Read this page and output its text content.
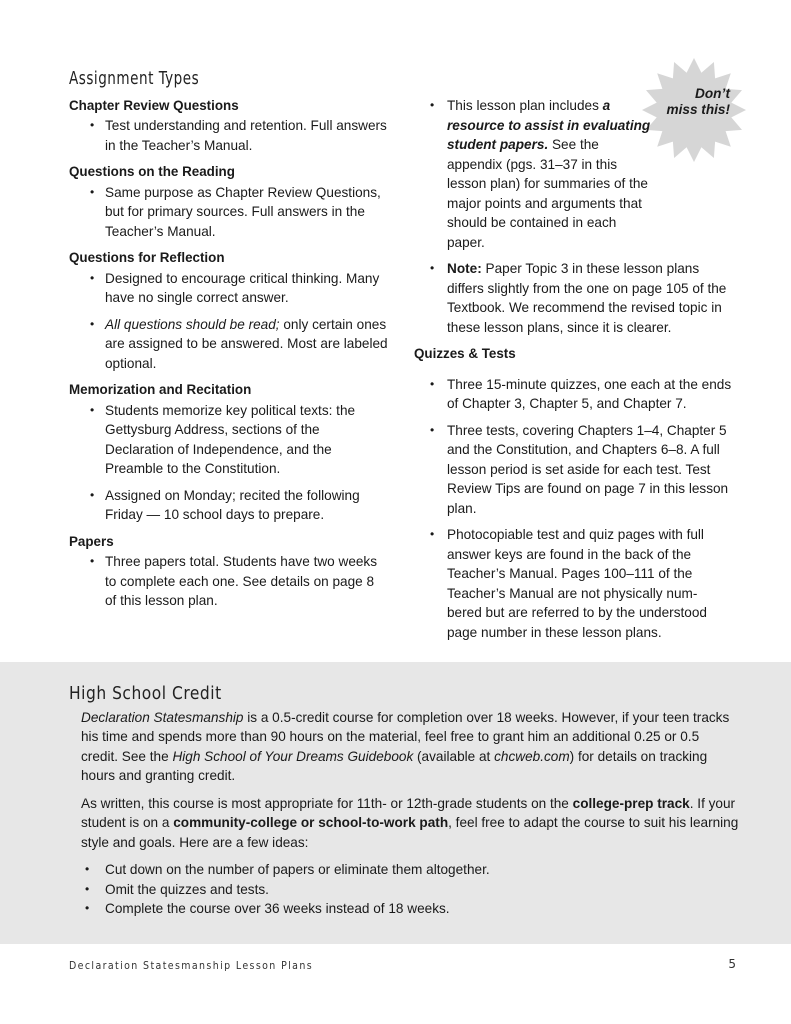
Assignment Types
Chapter Review Questions
• Test understanding and retention. Full answers in the Teacher’s Manual.
Questions on the Reading
• Same purpose as Chapter Review Questions, but for primary sources. Full answers in the Teacher’s Manual.
Questions for Reflection
• Designed to encourage critical thinking. Many have no single correct answer.
• All questions should be read; only certain ones are assigned to be answered. Most are labeled optional.
Memorization and Recitation
• Students memorize key political texts: the Gettysburg Address, sections of the Declaration of Independence, and the Preamble to the Constitution.
• Assigned on Monday; recited the following Friday — 10 school days to prepare.
Papers
• Three papers total. Students have two weeks to complete each one. See details on page 8 of this lesson plan.
Don’t
miss this!
• This lesson plan includes a resource to assist in evaluating student papers. See the appendix (pgs. 31–37 in this lesson plan) for summaries of the major points and arguments that should be contained in each paper.
• Note: Paper Topic 3 in these lesson plans differs slightly from the one on page 105 of the Textbook. We recommend the revised topic in these lesson plans, since it is clearer.
Quizzes & Tests
• Three 15-minute quizzes, one each at the ends of Chapter 3, Chapter 5, and Chapter 7.
• Three tests, covering Chapters 1–4, Chapter 5 and the Constitution, and Chapters 6–8. A full lesson period is set aside for each test. Test Review Tips are found on page 7 in this lesson plan.
• Photocopiable test and quiz pages with full answer keys are found in the back of the Teacher’s Manual. Pages 100–111 of the Teacher’s Manual are not physically num-bered but are referred to by the understood page number in these lesson plans.
High School Credit

Declaration Statesmanship is a 0.5-credit course for completion over 18 weeks. However, if your teen tracks his time and spends more than 90 hours on the material, feel free to grant him an additional 0.25 or 0.5 credit. See the High School of Your Dreams Guidebook (available at chcweb.com) for details on tracking hours and granting credit.

As written, this course is most appropriate for 11th- or 12th-grade students on the college-prep track. If your student is on a community-college or school-to-work path, feel free to adapt the course to suit his learning style and goals. Here are a few ideas:

• Cut down on the number of papers or eliminate them altogether.
• Omit the quizzes and tests.
• Complete the course over 36 weeks instead of 18 weeks.
Declaration Statesmanship Lesson Plans	5
